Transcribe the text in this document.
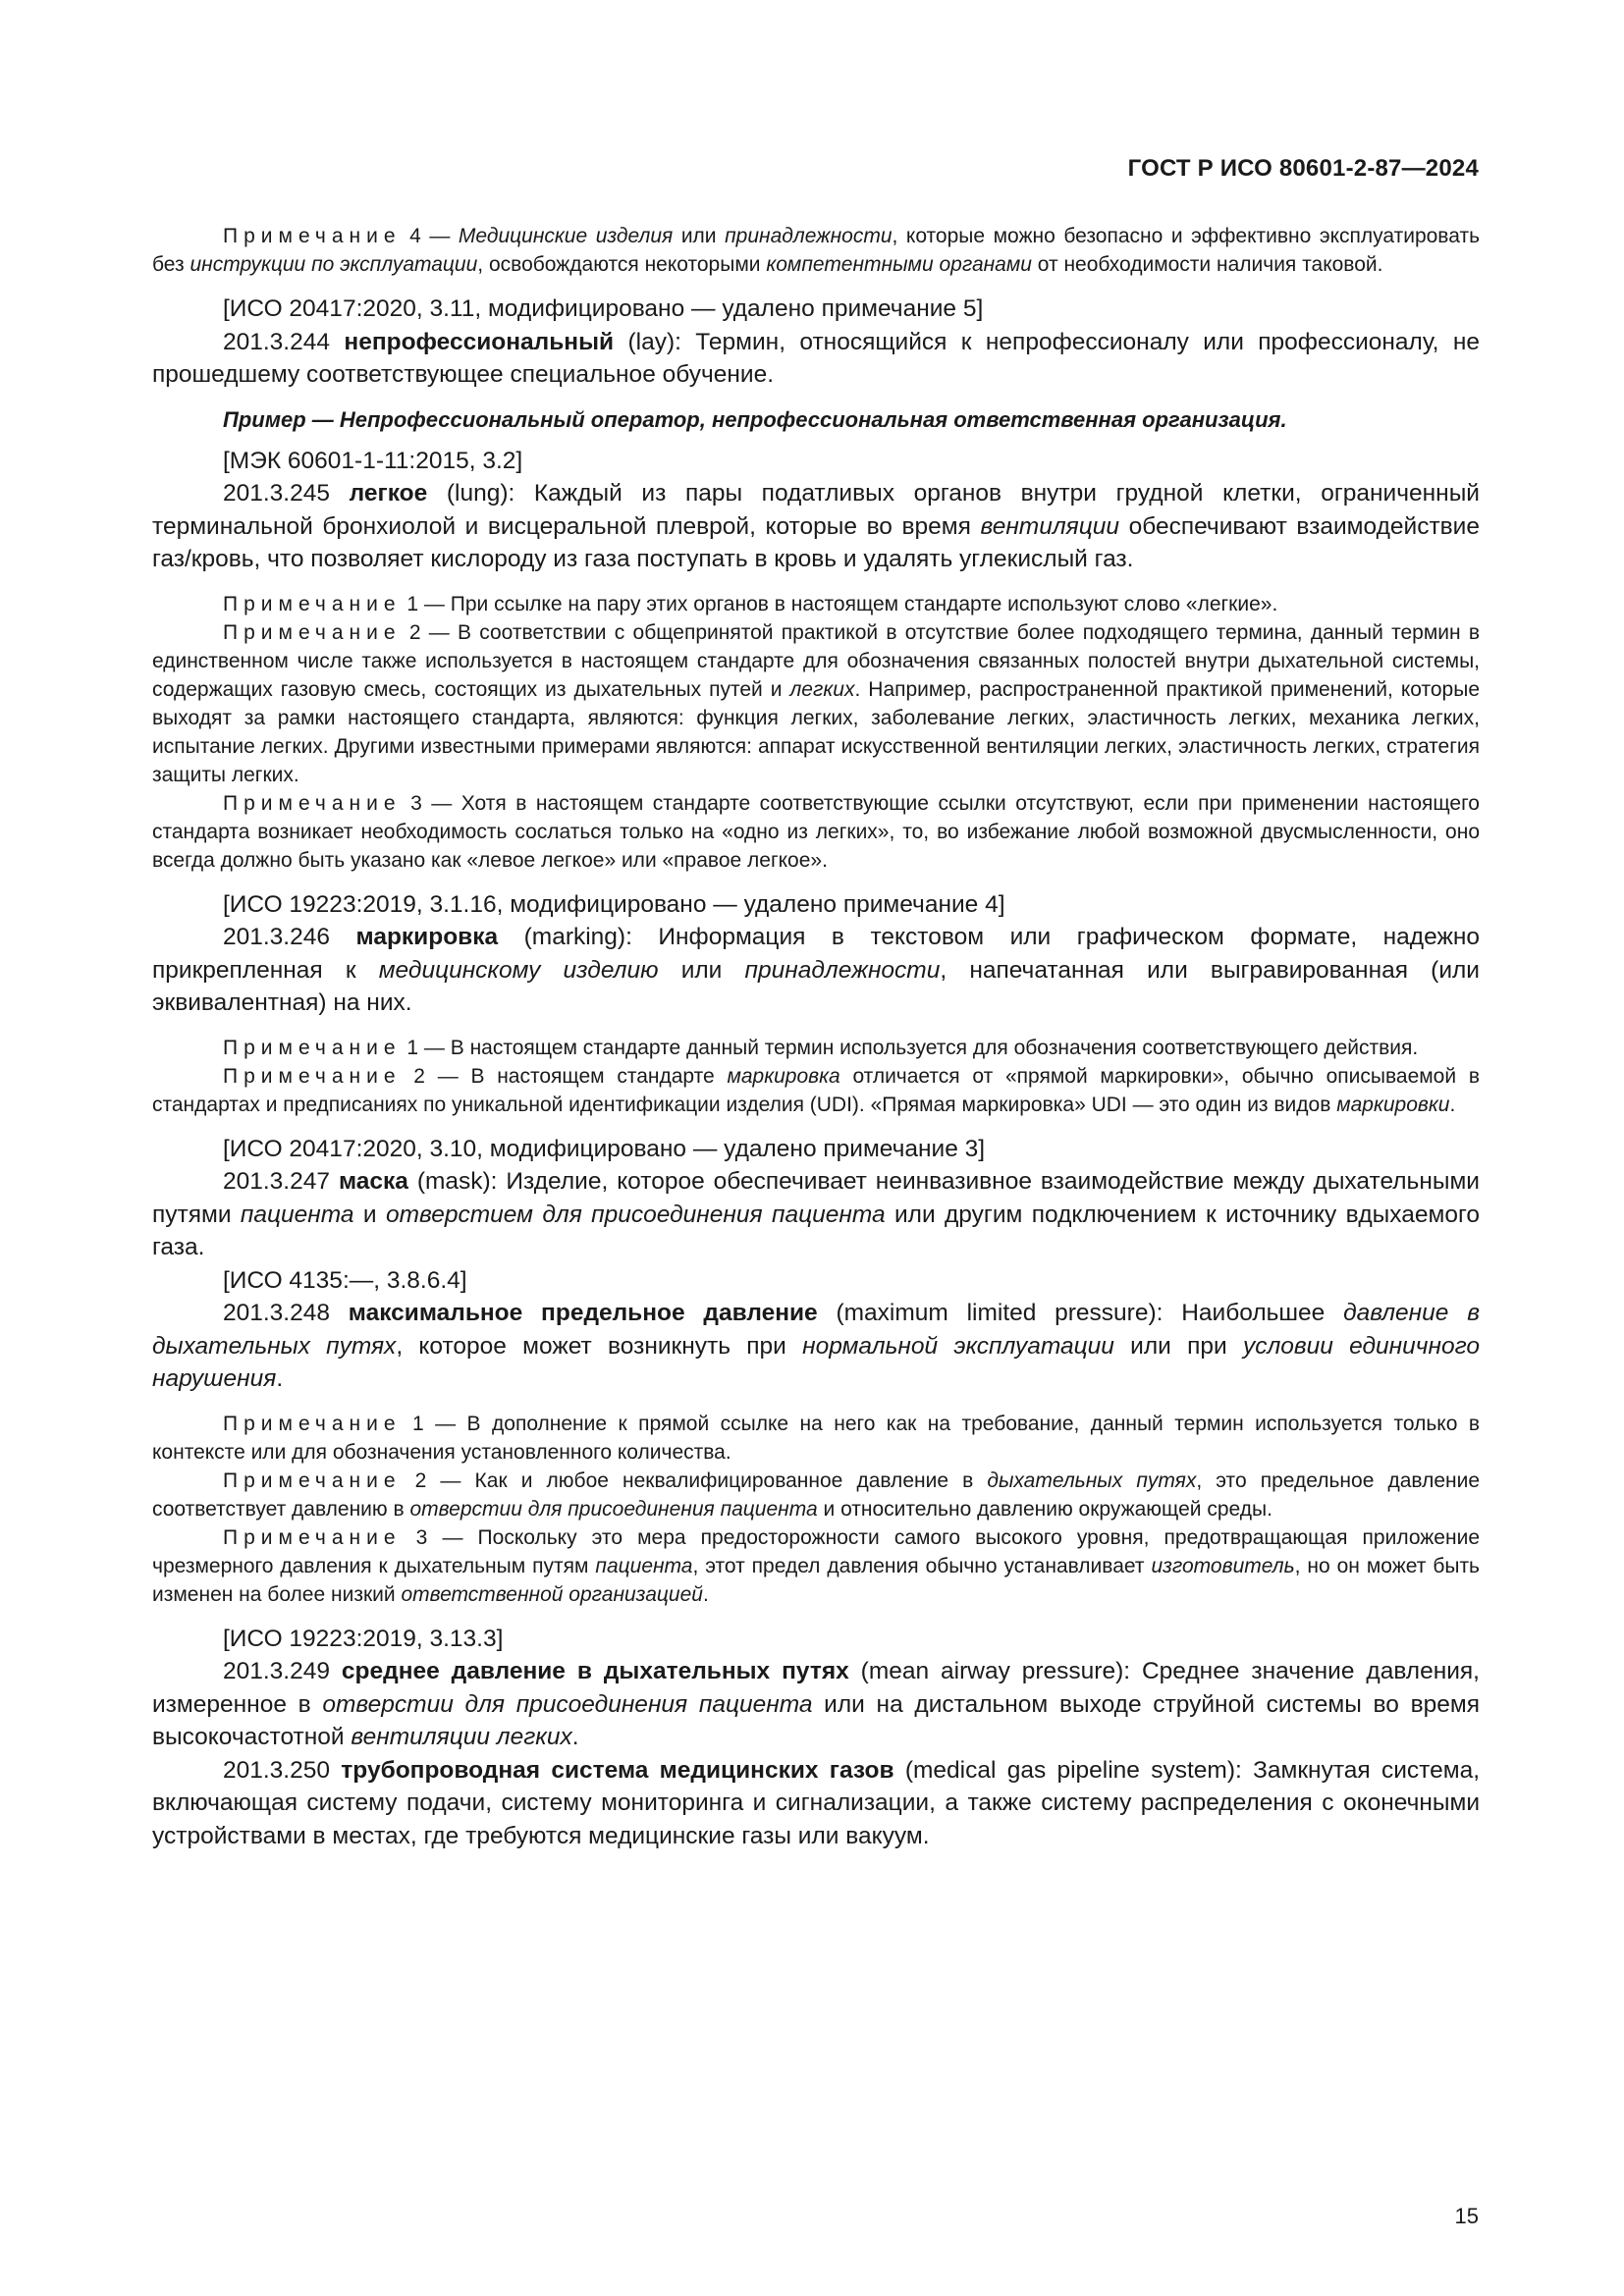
ГОСТ Р ИСО 80601-2-87—2024

Примечание 4 — Медицинские изделия или принадлежности, которые можно безопасно и эффективно эксплуатировать без инструкции по эксплуатации, освобождаются некоторыми компетентными органами от необходимости наличия таковой.

[ИСО 20417:2020, 3.11, модифицировано — удалено примечание 5]

201.3.244 непрофессиональный (lay): Термин, относящийся к непрофессионалу или профессионалу, не прошедшему соответствующее специальное обучение.

Пример — Непрофессиональный оператор, непрофессиональная ответственная организация.

[МЭК 60601-1-11:2015, 3.2]

201.3.245 легкое (lung): Каждый из пары податливых органов внутри грудной клетки, ограниченный терминальной бронхиолой и висцеральной плеврой, которые во время вентиляции обеспечивают взаимодействие газ/кровь, что позволяет кислороду из газа поступать в кровь и удалять углекислый газ.

Примечание 1 — При ссылке на пару этих органов в настоящем стандарте используют слово «легкие».

Примечание 2 — В соответствии с общепринятой практикой в отсутствие более подходящего термина, данный термин в единственном числе также используется в настоящем стандарте для обозначения связанных полостей внутри дыхательной системы, содержащих газовую смесь, состоящих из дыхательных путей и легких. Например, распространенной практикой применений, которые выходят за рамки настоящего стандарта, являются: функция легких, заболевание легких, эластичность легких, механика легких, испытание легких. Другими известными примерами являются: аппарат искусственной вентиляции легких, эластичность легких, стратегия защиты легких.

Примечание 3 — Хотя в настоящем стандарте соответствующие ссылки отсутствуют, если при применении настоящего стандарта возникает необходимость сослаться только на «одно из легких», то, во избежание любой возможной двусмысленности, оно всегда должно быть указано как «левое легкое» или «правое легкое».

[ИСО 19223:2019, 3.1.16, модифицировано — удалено примечание 4]

201.3.246 маркировка (marking): Информация в текстовом или графическом формате, надежно прикрепленная к медицинскому изделию или принадлежности, напечатанная или выгравированная (или эквивалентная) на них.

Примечание 1 — В настоящем стандарте данный термин используется для обозначения соответствующего действия.

Примечание 2 — В настоящем стандарте маркировка отличается от «прямой маркировки», обычно описываемой в стандартах и предписаниях по уникальной идентификации изделия (UDI). «Прямая маркировка» UDI — это один из видов маркировки.

[ИСО 20417:2020, 3.10, модифицировано — удалено примечание 3]

201.3.247 маска (mask): Изделие, которое обеспечивает неинвазивное взаимодействие между дыхательными путями пациента и отверстием для присоединения пациента или другим подключением к источнику вдыхаемого газа.

[ИСО 4135:—, 3.8.6.4]

201.3.248 максимальное предельное давление (maximum limited pressure): Наибольшее давление в дыхательных путях, которое может возникнуть при нормальной эксплуатации или при условии единичного нарушения.

Примечание 1 — В дополнение к прямой ссылке на него как на требование, данный термин используется только в контексте или для обозначения установленного количества.

Примечание 2 — Как и любое неквалифицированное давление в дыхательных путях, это предельное давление соответствует давлению в отверстии для присоединения пациента и относительно давлению окружающей среды.

Примечание 3 — Поскольку это мера предосторожности самого высокого уровня, предотвращающая приложение чрезмерного давления к дыхательным путям пациента, этот предел давления обычно устанавливает изготовитель, но он может быть изменен на более низкий ответственной организацией.

[ИСО 19223:2019, 3.13.3]

201.3.249 среднее давление в дыхательных путях (mean airway pressure): Среднее значение давления, измеренное в отверстии для присоединения пациента или на дистальном выходе струйной системы во время высокочастотной вентиляции легких.

201.3.250 трубопроводная система медицинских газов (medical gas pipeline system): Замкнутая система, включающая систему подачи, систему мониторинга и сигнализации, а также систему распределения с оконечными устройствами в местах, где требуются медицинские газы или вакуум.

15
